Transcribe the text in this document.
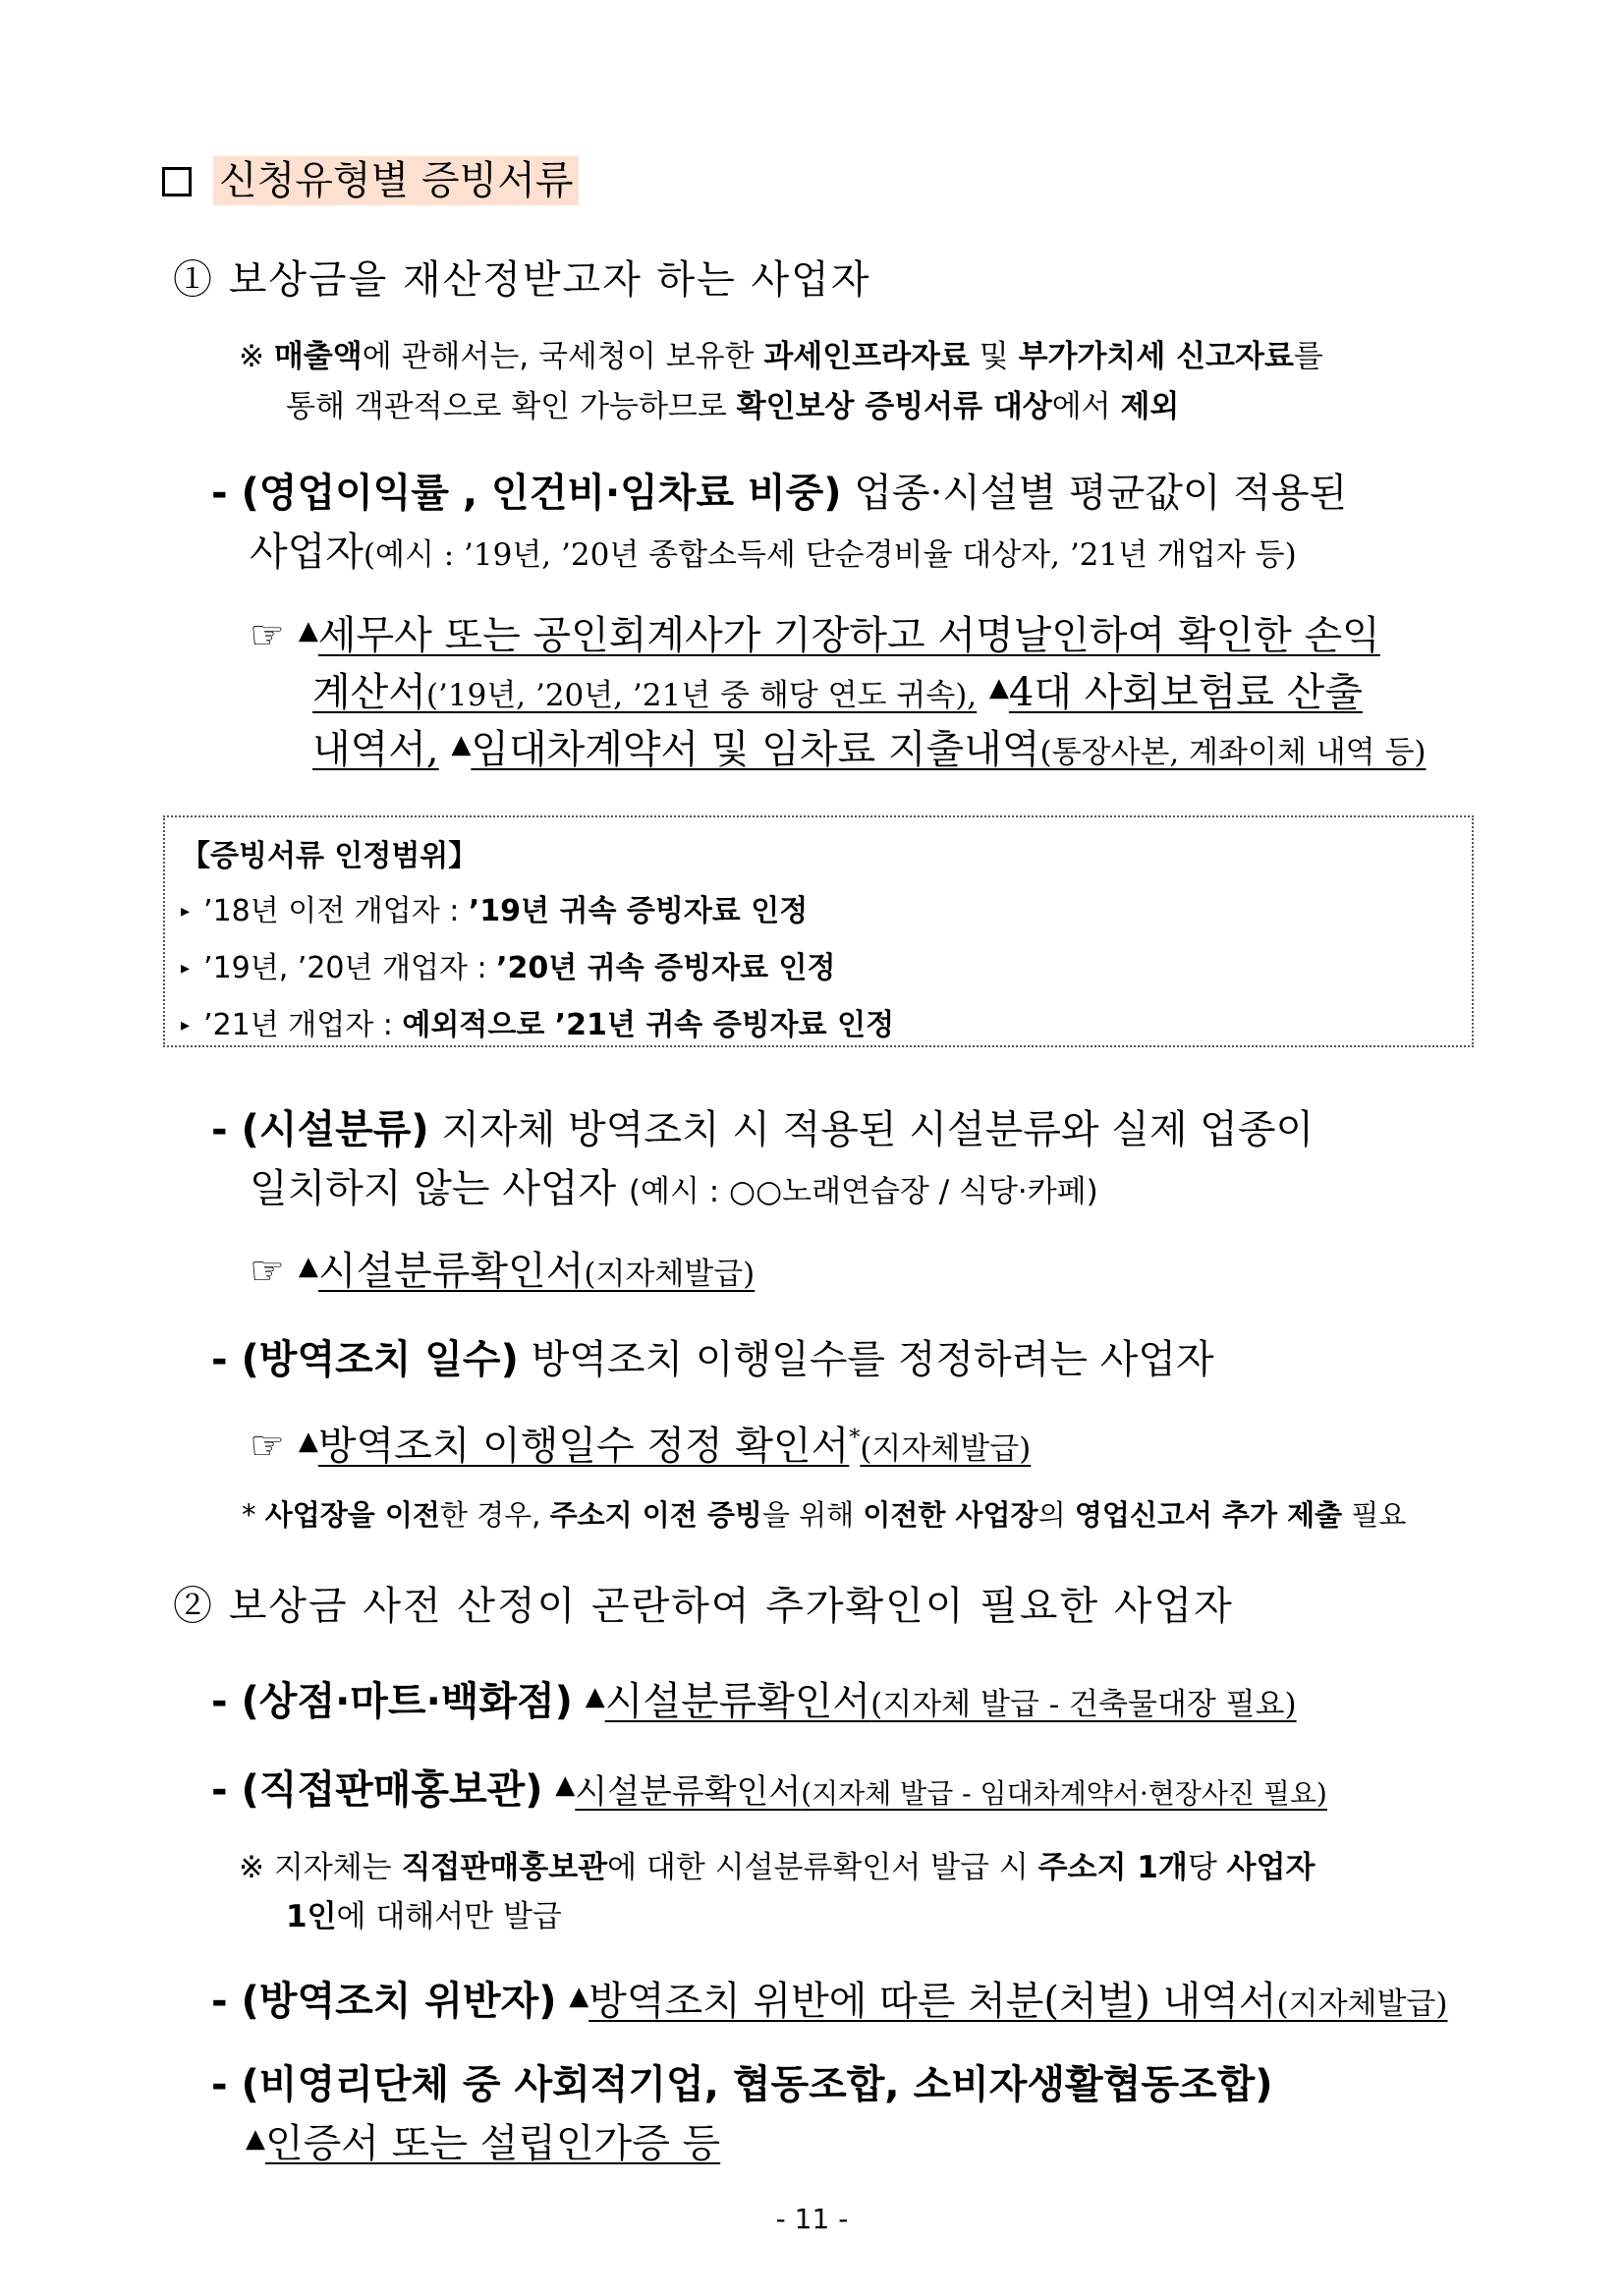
신청유형별 증빙서류
① 보상금을 재산정받고자 하는 사업자
※ 매출액에 관해서는, 국세청이 보유한 과세인프라자료 및 부가가치세 신고자료를
통해 객관적으로 확인 가능하므로 확인보상 증빙서류 대상에서 제외
- (영업이익률 , 인건비·임차료 비중) 업종·시설별 평균값이 적용된
사업자(예시 : ’19년, ’20년 종합소득세 단순경비율 대상자, ’21년 개업자 등)
☞ ▲세무사 또는 공인회계사가 기장하고 서명날인하여 확인한 손익
계산서(’19년, ’20년, ’21년 중 해당 연도 귀속), ▲4대 사회보험료 산출
내역서, ▲임대차계약서 및 임차료 지출내역(통장사본, 계좌이체 내역 등)
【증빙서류 인정범위】
▸ ’18년 이전 개업자 : ’19년 귀속 증빙자료 인정
▸ ’19년, ’20년 개업자 : ’20년 귀속 증빙자료 인정
▸ ’21년 개업자 : 예외적으로 ’21년 귀속 증빙자료 인정
- (시설분류) 지자체 방역조치 시 적용된 시설분류와 실제 업종이
일치하지 않는 사업자 (예시 : ○○노래연습장 / 식당·카페)
☞ ▲시설분류확인서(지자체발급)
- (방역조치 일수) 방역조치 이행일수를 정정하려는 사업자
☞ ▲방역조치 이행일수 정정 확인서*(지자체발급)
* 사업장을 이전한 경우, 주소지 이전 증빙을 위해 이전한 사업장의 영업신고서 추가 제출 필요
② 보상금 사전 산정이 곤란하여 추가확인이 필요한 사업자
- (상점·마트·백화점) ▲시설분류확인서(지자체 발급 - 건축물대장 필요)
- (직접판매홍보관) ▲시설분류확인서(지자체 발급 - 임대차계약서·현장사진 필요)
※ 지자체는 직접판매홍보관에 대한 시설분류확인서 발급 시 주소지 1개당 사업자
1인에 대해서만 발급
- (방역조치 위반자) ▲방역조치 위반에 따른 처분(처벌) 내역서(지자체발급)
- (비영리단체 중 사회적기업, 협동조합, 소비자생활협동조합)
▲인증서 또는 설립인가증 등
- 11 -
